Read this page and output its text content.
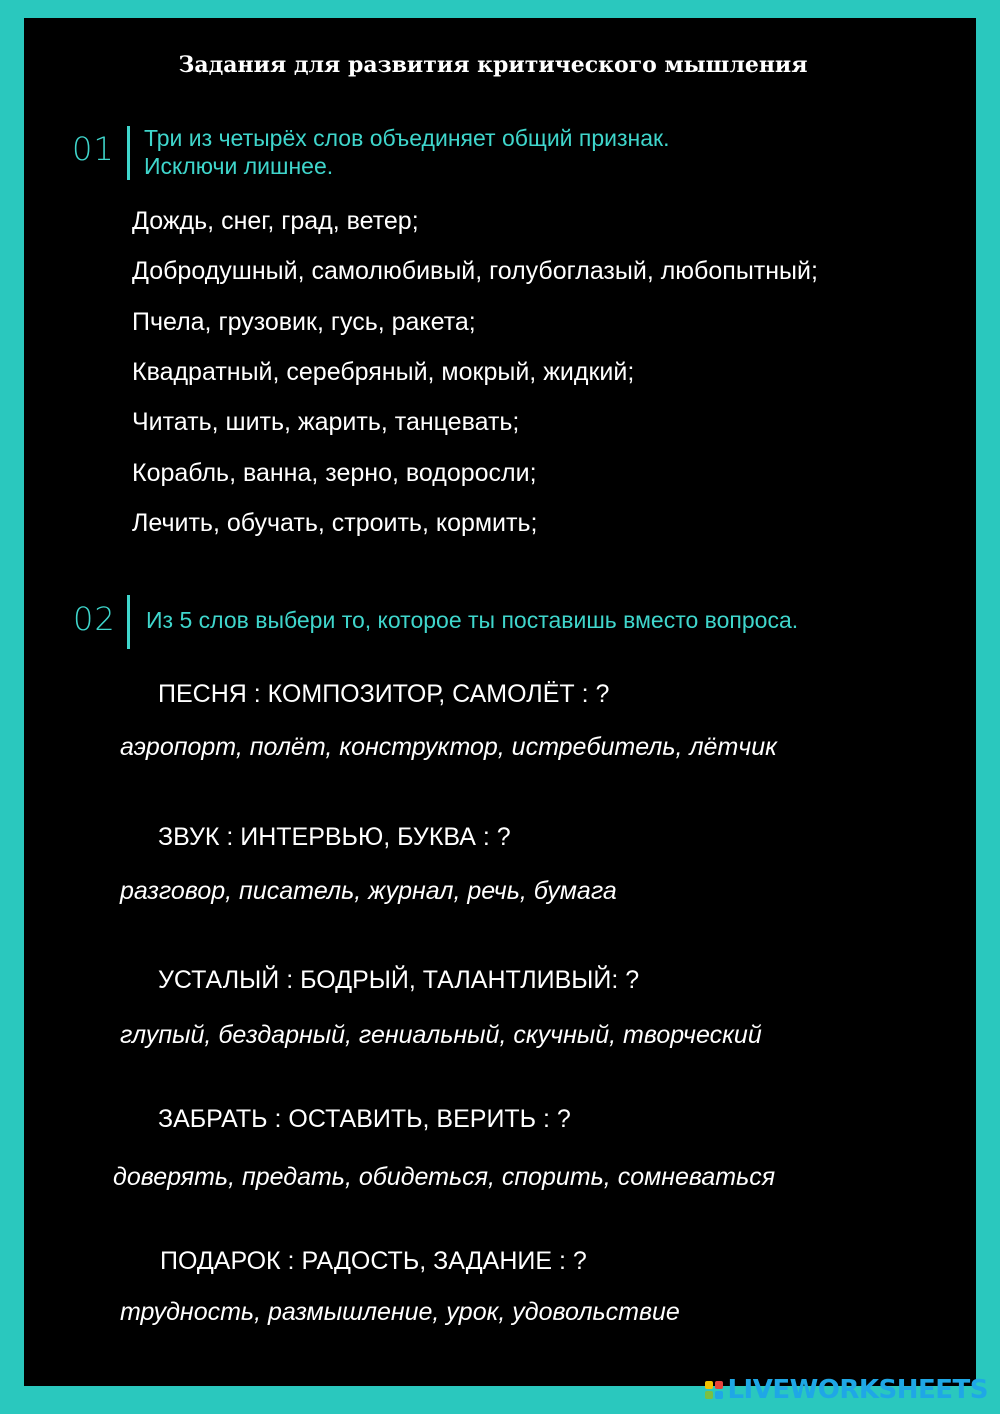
Задания для развития критического мышления
01 Три из четырёх слов объединяет общий признак.
Исключи лишнее.
Дождь, снег, град, ветер;
Добродушный, самолюбивый, голубоглазый, любопытный;
Пчела, грузовик, гусь, ракета;
Квадратный, серебряный, мокрый, жидкий;
Читать, шить, жарить, танцевать;
Корабль, ванна, зерно, водоросли;
Лечить, обучать, строить, кормить;
02 Из 5 слов выбери то, которое ты поставишь вместо вопроса.
ПЕСНЯ : КОМПОЗИТОР, САМОЛЁТ : ?
аэропорт, полёт, конструктор, истребитель, лётчик
ЗВУК : ИНТЕРВЬЮ, БУКВА : ?
разговор, писатель, журнал, речь, бумага
УСТАЛЫЙ : БОДРЫЙ, ТАЛАНТЛИВЫЙ: ?
глупый, бездарный, гениальный, скучный, творческий
ЗАБРАТЬ : ОСТАВИТЬ, ВЕРИТЬ : ?
доверять, предать, обидеться, спорить, сомневаться
ПОДАРОК : РАДОСТЬ, ЗАДАНИЕ : ?
трудность, размышление, урок, удовольствие
LIVEWORKSHEETS
